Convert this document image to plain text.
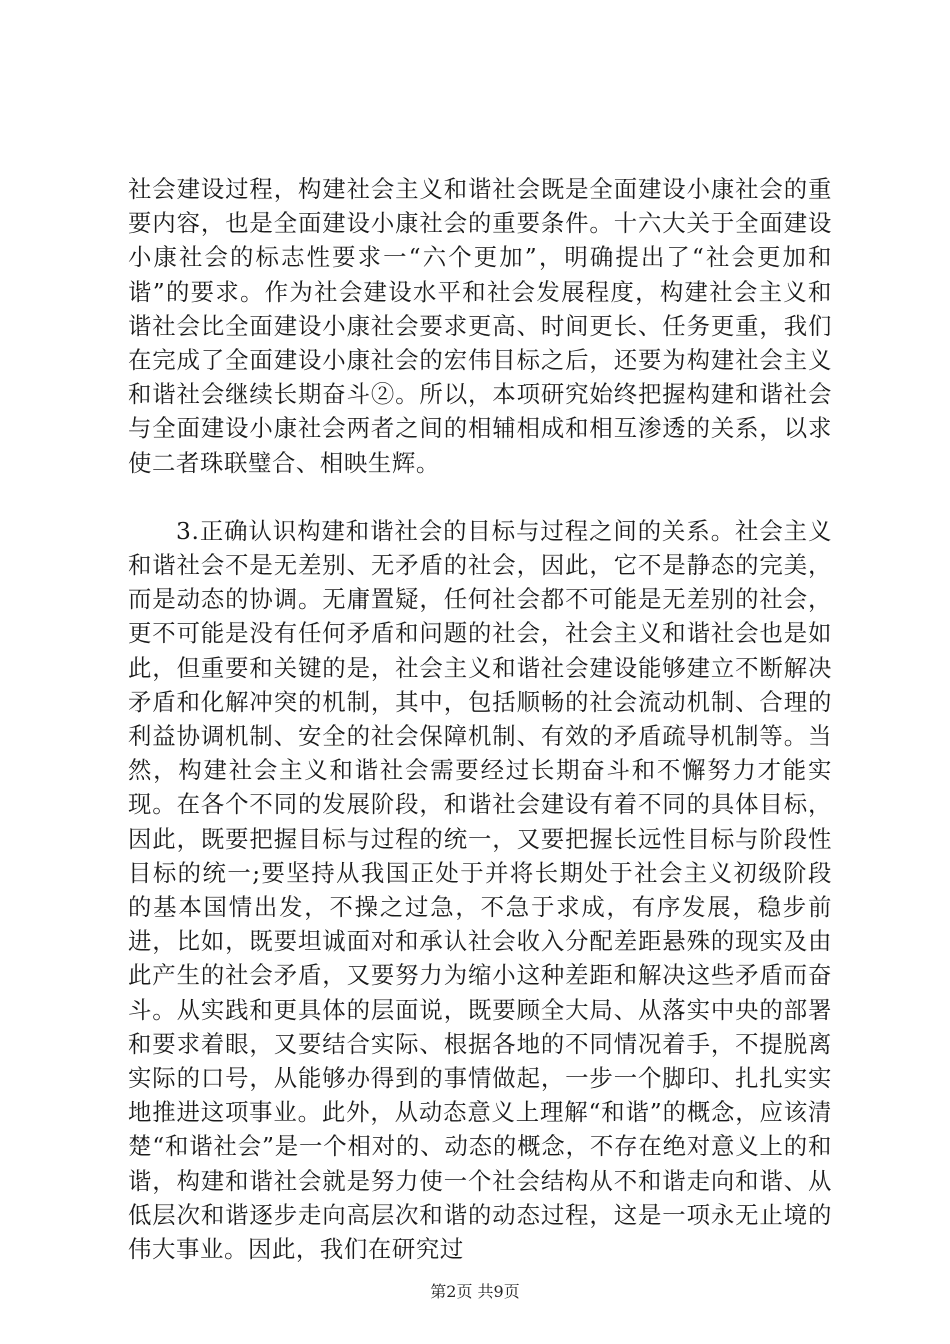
社会建设过程，构建社会主义和谐社会既是全面建设小康社会的重要内容，也是全面建设小康社会的重要条件。十六大关于全面建设小康社会的标志性要求一“六个更加”，明确提出了“社会更加和谐”的要求。作为社会建设水平和社会发展程度，构建社会主义和谐社会比全面建设小康社会要求更高、时间更长、任务更重，我们在完成了全面建设小康社会的宏伟目标之后，还要为构建社会主义和谐社会继续长期奋斗②。所以，本项研究始终把握构建和谐社会与全面建设小康社会两者之间的相辅相成和相互渗透的关系，以求使二者珠联璧合、相映生辉。

3.正确认识构建和谐社会的目标与过程之间的关系。社会主义和谐社会不是无差别、无矛盾的社会，因此，它不是静态的完美，而是动态的协调。无庸置疑，任何社会都不可能是无差别的社会，更不可能是没有任何矛盾和问题的社会，社会主义和谐社会也是如此，但重要和关键的是，社会主义和谐社会建设能够建立不断解决矛盾和化解冲突的机制，其中，包括顺畅的社会流动机制、合理的利益协调机制、安全的社会保障机制、有效的矛盾疏导机制等。当然，构建社会主义和谐社会需要经过长期奋斗和不懈努力才能实现。在各个不同的发展阶段，和谐社会建设有着不同的具体目标，因此，既要把握目标与过程的统一，又要把握长远性目标与阶段性目标的统一;要坚持从我国正处于并将长期处于社会主义初级阶段的基本国情出发，不操之过急，不急于求成，有序发展，稳步前进，比如，既要坦诚面对和承认社会收入分配差距悬殊的现实及由此产生的社会矛盾，又要努力为缩小这种差距和解决这些矛盾而奋斗。从实践和更具体的层面说，既要顾全大局、从落实中央的部署和要求着眼，又要结合实际、根据各地的不同情况着手，不提脱离实际的口号，从能够办得到的事情做起，一步一个脚印、扎扎实实地推进这项事业。此外，从动态意义上理解“和谐”的概念，应该清楚“和谐社会”是一个相对的、动态的概念，不存在绝对意义上的和谐，构建和谐社会就是努力使一个社会结构从不和谐走向和谐、从低层次和谐逐步走向高层次和谐的动态过程，这是一项永无止境的伟大事业。因此，我们在研究过

第2页 共9页
